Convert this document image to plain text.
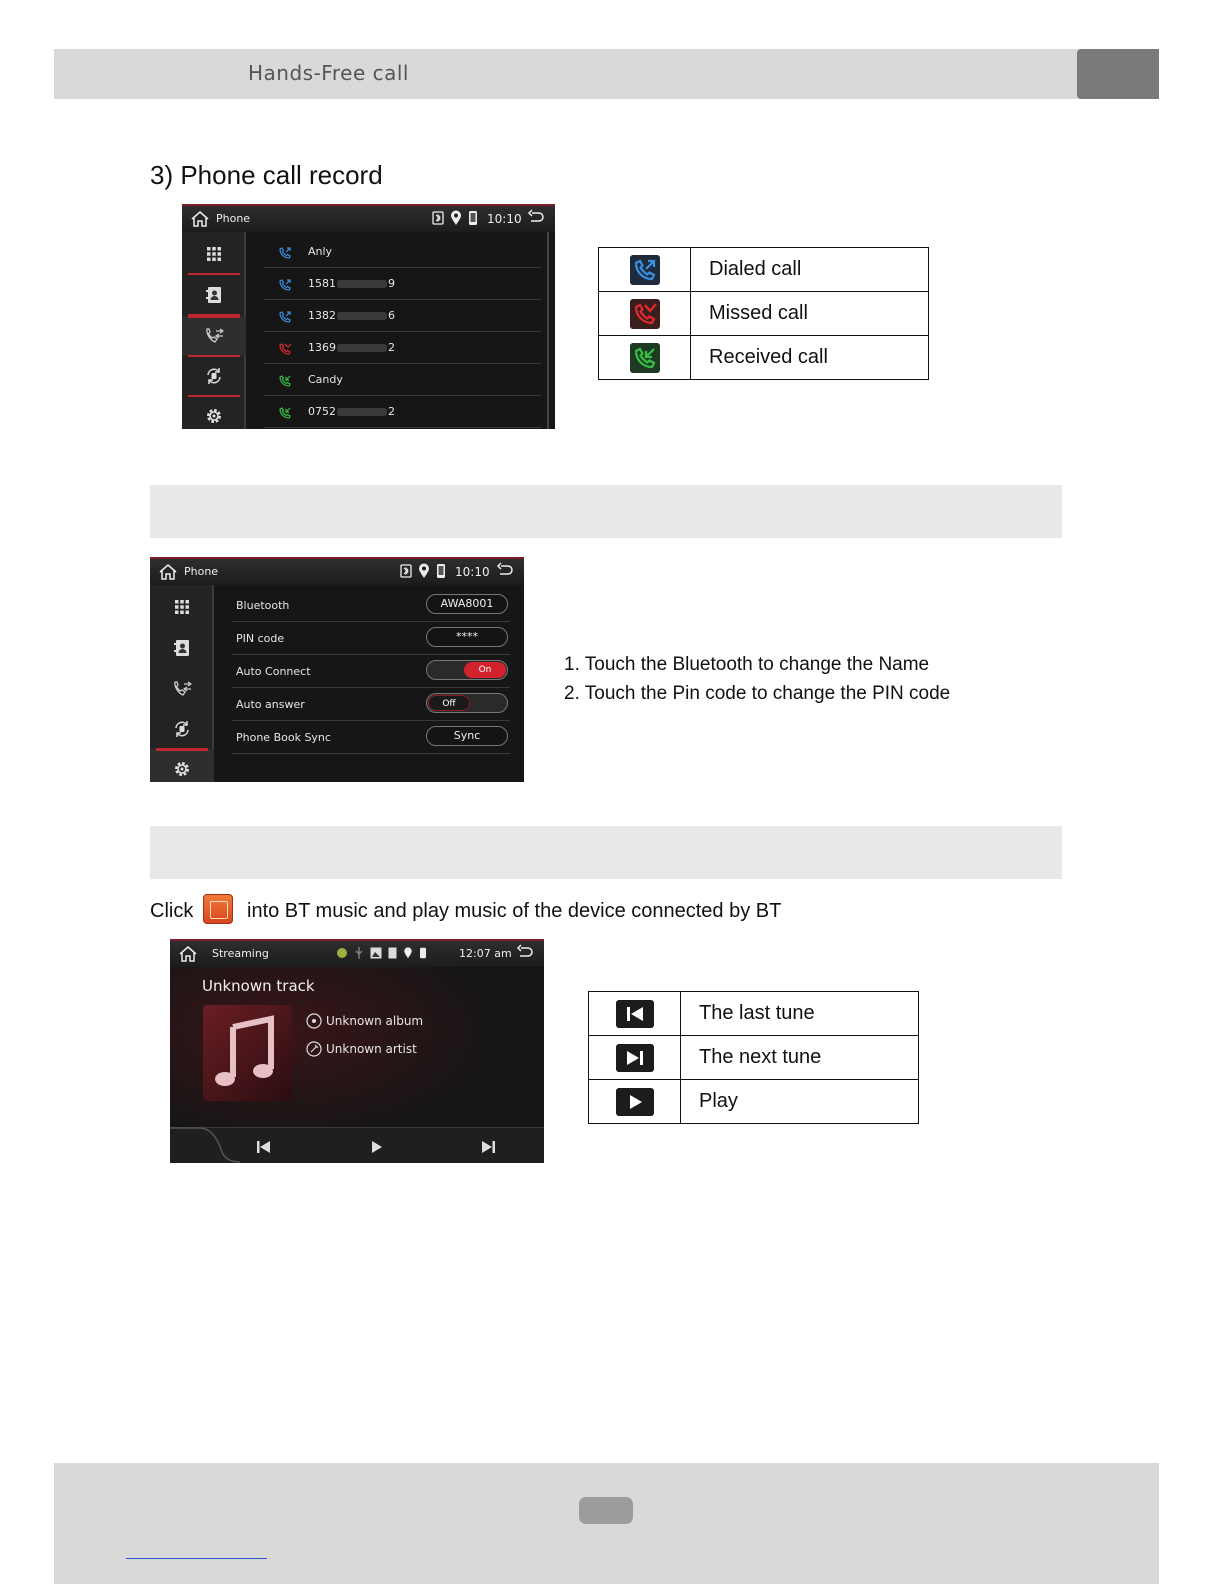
Hands-Free call
3) Phone call record
Phone	10:10
Anly
1581	9
1382	6
1369	2
Candy
0752	2
	Dialed call
	Missed call
	Received call
Phone	10:10
Bluetooth	AWA8001
PIN code	****
Auto Connect	On
Auto answer	Off
Phone Book Sync	Sync
1. Touch the Bluetooth to change the Name
2. Touch the Pin code to change the PIN code
Click	into BT music and play music of the device connected by BT
Streaming	12:07 am
Unknown track
Unknown album
Unknown artist
	The last tune
	The next tune
	Play
